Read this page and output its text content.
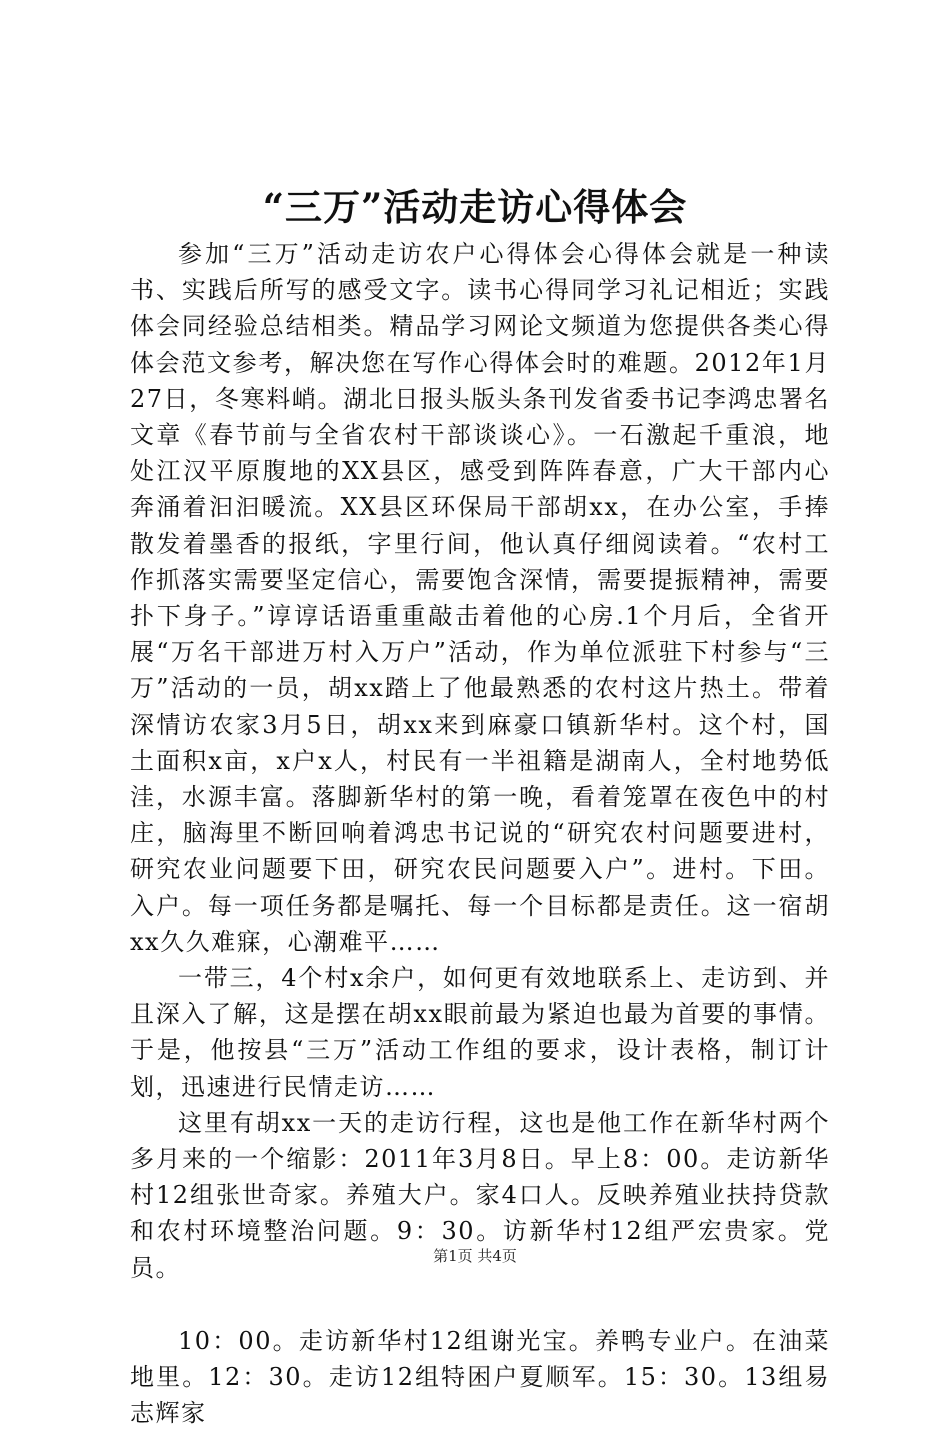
“三万”活动走访心得体会

参加“三万”活动走访农户心得体会心得体会就是一种读书、实践后所写的感受文字。读书心得同学习礼记相近；实践体会同经验总结相类。精品学习网论文频道为您提供各类心得体会范文参考，解决您在写作心得体会时的难题。2012年1月27日，冬寒料峭。湖北日报头版头条刊发省委书记李鸿忠署名文章《春节前与全省农村干部谈谈心》。一石激起千重浪，地处江汉平原腹地的XX县区，感受到阵阵春意，广大干部内心奔涌着汩汩暖流。XX县区环保局干部胡xx，在办公室，手捧散发着墨香的报纸，字里行间，他认真仔细阅读着。“农村工作抓落实需要坚定信心，需要饱含深情，需要提振精神，需要扑下身子。”谆谆话语重重敲击着他的心房.1个月后，全省开展“万名干部进万村入万户”活动，作为单位派驻下村参与“三万”活动的一员，胡xx踏上了他最熟悉的农村这片热土。带着深情访农家3月5日，胡xx来到麻豪口镇新华村。这个村，国土面积x亩，x户x人，村民有一半祖籍是湖南人，全村地势低洼，水源丰富。落脚新华村的第一晚，看着笼罩在夜色中的村庄，脑海里不断回响着鸿忠书记说的“研究农村问题要进村，研究农业问题要下田，研究农民问题要入户”。进村。下田。入户。每一项任务都是嘱托、每一个目标都是责任。这一宿胡xx久久难寐，心潮难平……

一带三，4个村x余户，如何更有效地联系上、走访到、并且深入了解，这是摆在胡xx眼前最为紧迫也最为首要的事情。于是，他按县“三万”活动工作组的要求，设计表格，制订计划，迅速进行民情走访……

这里有胡xx一天的走访行程，这也是他工作在新华村两个多月来的一个缩影：2011年3月8日。早上8：00。走访新华村12组张世奇家。养殖大户。家4口人。反映养殖业扶持贷款和农村环境整治问题。9：30。访新华村12组严宏贵家。党员。

10：00。走访新华村12组谢光宝。养鸭专业户。在油菜地里。12：30。走访12组特困户夏顺军。15：30。13组易志辉家

第1页 共4页
